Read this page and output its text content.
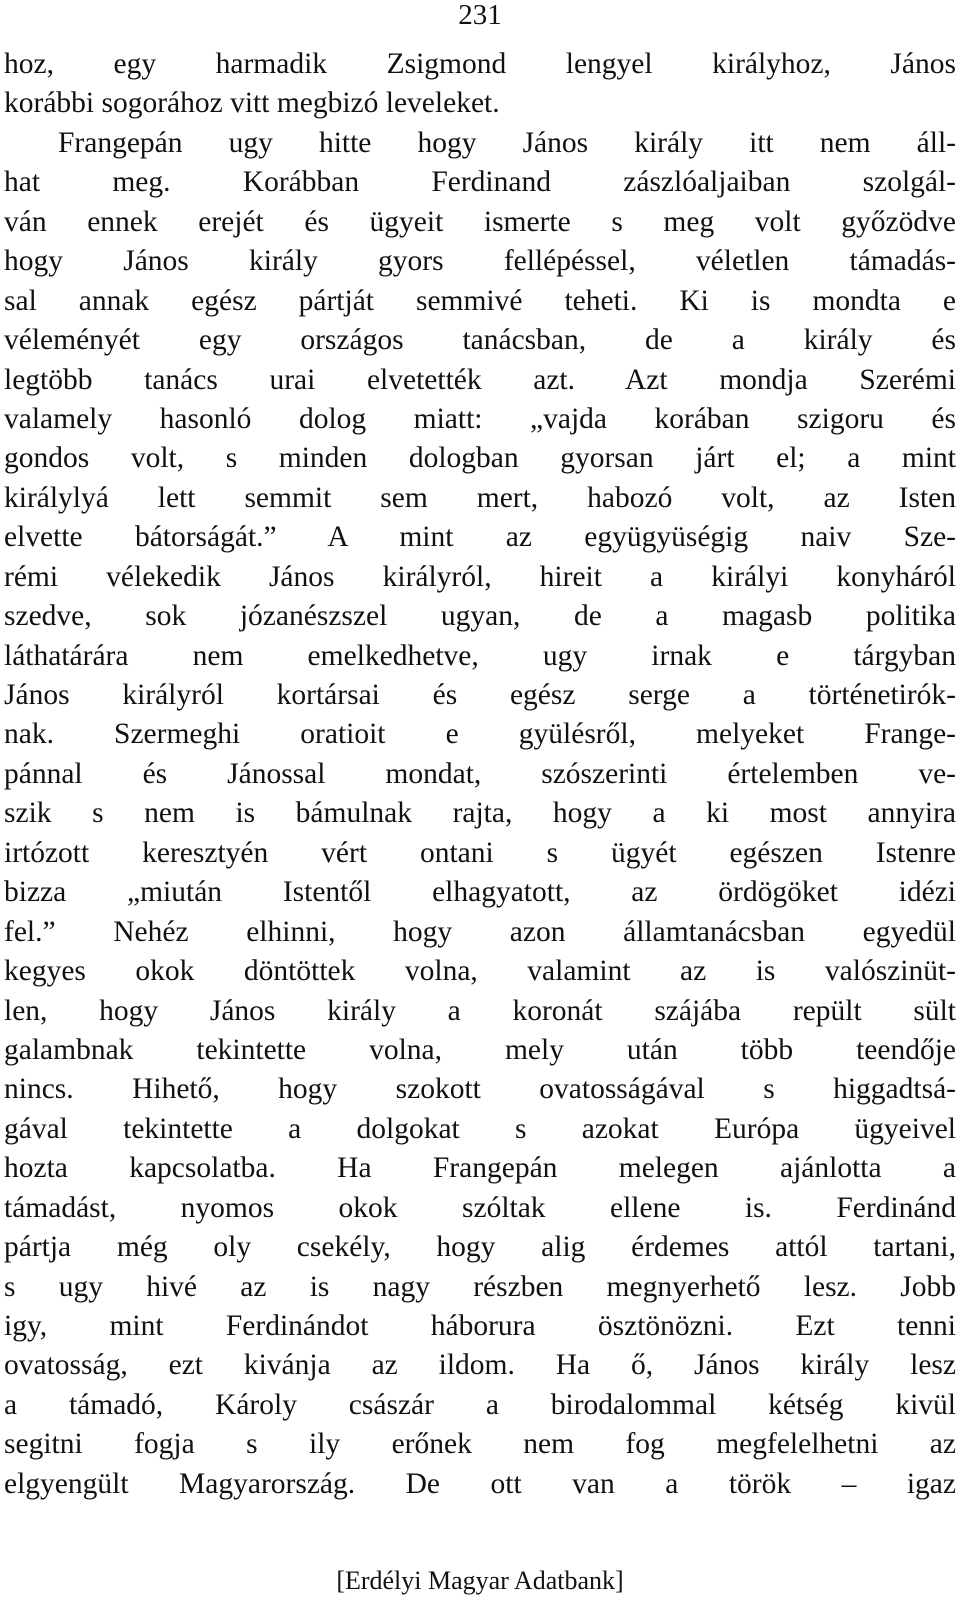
231
hoz, egy harmadik Zsigmond lengyel királyhoz, János
korábbi sogorához vitt megbizó leveleket.
Frangepán ugy hitte hogy János király itt nem áll-
hat meg. Korábban Ferdinand zászlóaljaiban szolgál-
ván ennek erejét és ügyeit ismerte s meg volt győzödve
hogy János király gyors fellépéssel, véletlen támadás-
sal annak egész pártját semmivé teheti. Ki is mondta e
véleményét egy országos tanácsban, de a király és
legtöbb tanács urai elvetették azt. Azt mondja Szerémi
valamely hasonló dolog miatt: „vajda korában szigoru és
gondos volt, s minden dologban gyorsan járt el; a mint
királylyá lett semmit sem mert, habozó volt, az Isten
elvette bátorságát.” A mint az együgyüségig naiv Sze-
rémi vélekedik János királyról, hireit a királyi konyháról
szedve, sok józanészszel ugyan, de a magasb politika
láthatárára nem emelkedhetve, ugy irnak e tárgyban
János királyról kortársai és egész serge a történetirók-
nak. Szermeghi oratioit e gyülésről, melyeket Frange-
pánnal és Jánossal mondat, szószerinti értelemben ve-
szik s nem is bámulnak rajta, hogy a ki most annyira
irtózott keresztyén vért ontani s ügyét egészen Istenre
bizza „miután Istentől elhagyatott, az ördögöket idézi
fel.” Nehéz elhinni, hogy azon államtanácsban egyedül
kegyes okok döntöttek volna, valamint az is valószinüt-
len, hogy János király a koronát szájába repült sült
galambnak tekintette volna, mely után több teendője
nincs. Hihető, hogy szokott ovatosságával s higgadtsá-
gával tekintette a dolgokat s azokat Európa ügyeivel
hozta kapcsolatba. Ha Frangepán melegen ajánlotta a
támadást, nyomos okok szóltak ellene is. Ferdinánd
pártja még oly csekély, hogy alig érdemes attól tartani,
s ugy hivé az is nagy részben megnyerhető lesz. Jobb
igy, mint Ferdinándot háborura ösztönözni. Ezt tenni
ovatosság, ezt kivánja az ildom. Ha ő, János király lesz
a támadó, Károly császár a birodalommal kétség kivül
segitni fogja s ily erőnek nem fog megfelelhetni az
elgyengült Magyarország. De ott van a török – igaz
[Erdélyi Magyar Adatbank]
